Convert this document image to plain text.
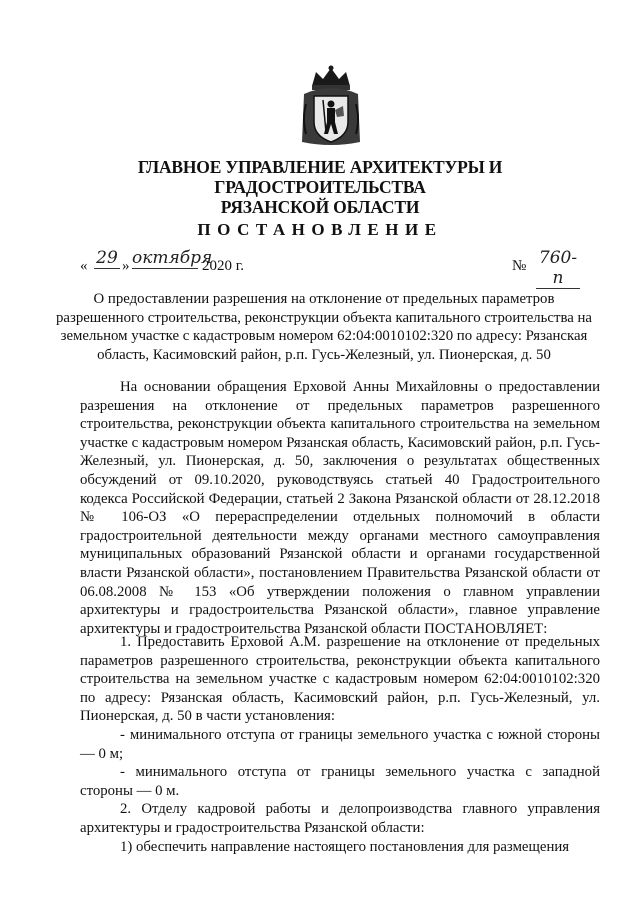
ГЛАВНОЕ УПРАВЛЕНИЕ АРХИТЕКТУРЫ И ГРАДОСТРОИТЕЛЬСТВА
РЯЗАНСКОЙ ОБЛАСТИ
ПОСТАНОВЛЕНИЕ
« 29 » октября
2020 г.	№ 760-п
О предоставлении разрешения на отклонение от предельных параметров разрешенного строительства, реконструкции объекта капитального строительства на земельном участке с кадастровым номером 62:04:0010102:320 по адресу: Рязанская область, Касимовский район, р.п. Гусь-Железный, ул. Пионерская, д. 50
На основании обращения Ерховой Анны Михайловны о предоставлении разрешения на отклонение от предельных параметров разрешенного строительства, реконструкции объекта капитального строительства на земельном участке с кадастровым номером Рязанская область, Касимовский район, р.п. Гусь-Железный, ул. Пионерская, д. 50, заключения о результатах общественных обсуждений от 09.10.2020, руководствуясь статьей 40 Градостроительного кодекса Российской Федерации, статьей 2 Закона Рязанской области от 28.12.2018 № 106-ОЗ «О перераспределении отдельных полномочий в области градостроительной деятельности между органами местного самоуправления муниципальных образований Рязанской области и органами государственной власти Рязанской области», постановлением Правительства Рязанской области от 06.08.2008 № 153 «Об утверждении положения о главном управлении архитектуры и градостроительства Рязанской области», главное управление архитектуры и градостроительства Рязанской области ПОСТАНОВЛЯЕТ:

1. Предоставить Ерховой А.М. разрешение на отклонение от предельных параметров разрешенного строительства, реконструкции объекта капитального строительства на земельном участке с кадастровым номером 62:04:0010102:320 по адресу: Рязанская область, Касимовский район, р.п. Гусь-Железный, ул. Пионерская, д. 50 в части установления:

- минимального отступа от границы земельного участка с южной стороны — 0 м;

- минимального отступа от границы земельного участка с западной стороны — 0 м.

2. Отделу кадровой работы и делопроизводства главного управления архитектуры и градостроительства Рязанской области:

1) обеспечить направление настоящего постановления для размещения
